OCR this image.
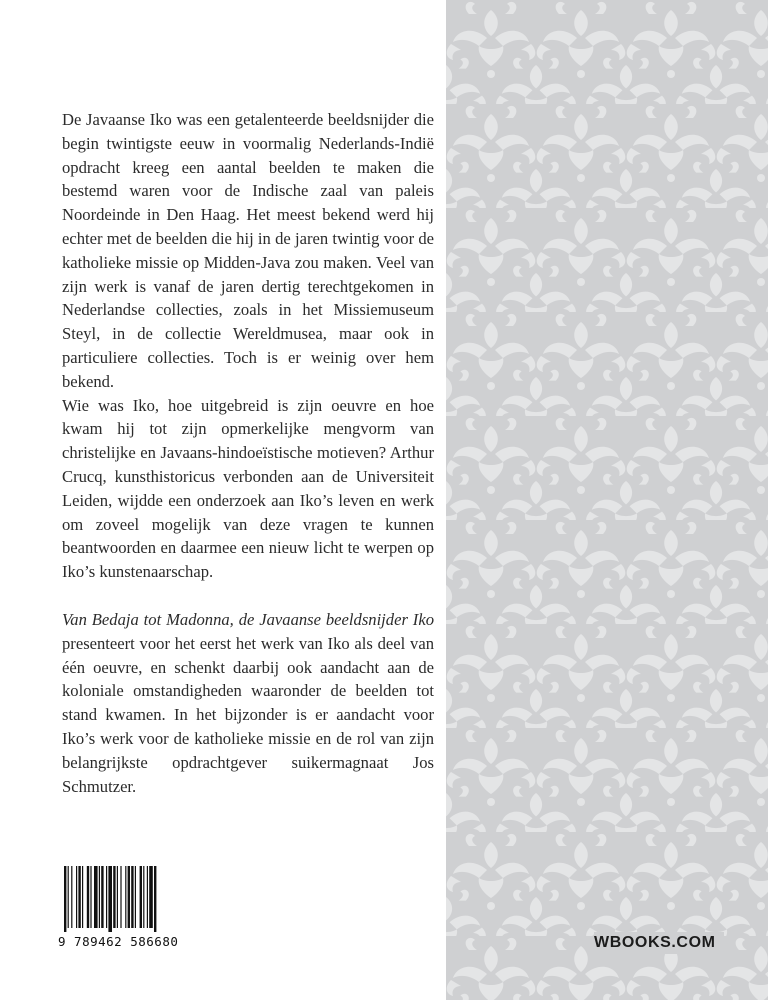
De Javaanse Iko was een getalenteerde beeldsnijder die begin twintigste eeuw in voormalig Nederlands-Indië opdracht kreeg een aantal beelden te maken die bestemd waren voor de Indische zaal van paleis Noordeinde in Den Haag. Het meest bekend werd hij echter met de beelden die hij in de jaren twintig voor de katholieke missie op Midden-Java zou maken. Veel van zijn werk is vanaf de jaren dertig terechtgekomen in Nederlandse collecties, zoals in het Missiemuseum Steyl, in de collectie Wereldmusea, maar ook in particuliere collecties. Toch is er weinig over hem bekend.

Wie was Iko, hoe uitgebreid is zijn oeuvre en hoe kwam hij tot zijn opmerkelijke mengvorm van christelijke en Javaans-hindoeïstische motieven? Arthur Crucq, kunsthistoricus verbonden aan de Universiteit Leiden, wijdde een onderzoek aan Iko’s leven en werk om zoveel mogelijk van deze vragen te kunnen beantwoorden en daarmee een nieuw licht te werpen op Iko’s kunstenaarschap.

Van Bedaja tot Madonna, de Javaanse beeldsnijder Iko presenteert voor het eerst het werk van Iko als deel van één oeuvre, en schenkt daarbij ook aandacht aan de koloniale omstandigheden waaronder de beelden tot stand kwamen. In het bijzonder is er aandacht voor Iko’s werk voor de katholieke missie en de rol van zijn belangrijkste opdrachtgever suikermagnaat Jos Schmutzer.

WBOOKS.COM
9 789462 586680
